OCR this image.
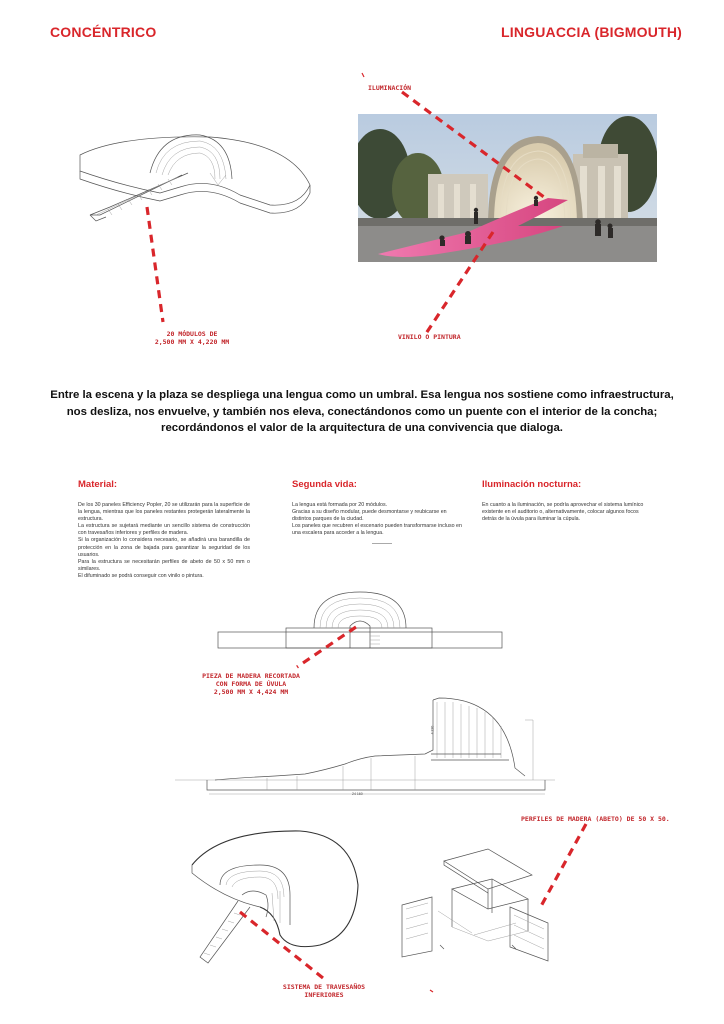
CONCÉNTRICO	LINGUACCIA (BIGMOUTH)
ILUMINACIÓN
20 MÓDULOS DE
2,500 MM X 4,220 MM
VINILO O PINTURA
Entre la escena y la plaza se despliega una lengua como un umbral. Esa lengua nos sostiene como infraestructura,
nos desliza, nos envuelve, y también nos eleva, conectándonos como un puente con el interior de la concha;
recordándonos el valor de la arquitectura de una convivencia que dialoga.
Material:

De los 30 paneles Efficiency Popler, 20 se utilizarán para la superficie de la lengua, mientras que los paneles restantes protegerán lateralmente la estructura.

La estructura se sujetará mediante un sencillo sistema de construcción con travesaños inferiores y perfiles de madera.

Si la organización lo considera necesario, se añadirá una barandilla de protección en la zona de bajada para garantizar la seguridad de los usuarios.

Para la estructura se necesitarán perfiles de abeto de 50 x 50 mm o similares.

El difuminado se podrá conseguir con vinilo o pintura.

Segunda vida:

La lengua está formada por 20 módulos.

Gracias a su diseño modular, puede desmontarse y reubicarse en distintos parques de la ciudad.

Los paneles que recubren el escenario pueden transformarse incluso en una escalera para acceder a la lengua.

Iluminación nocturna:

En cuanto a la iluminación, se podría aprovechar el sistema lumínico existente en el auditorio o, alternativamente, colocar algunos focos detrás de la úvula para iluminar la cúpula.

24 160
4 220
PIEZA DE MADERA RECORTADA
CON FORMA DE ÚVULA
2,500 MM X 4,424 MM
PERFILES DE MADERA (ABETO) DE 50 X 50.
SISTEMA DE TRAVESAÑOS
INFERIORES
